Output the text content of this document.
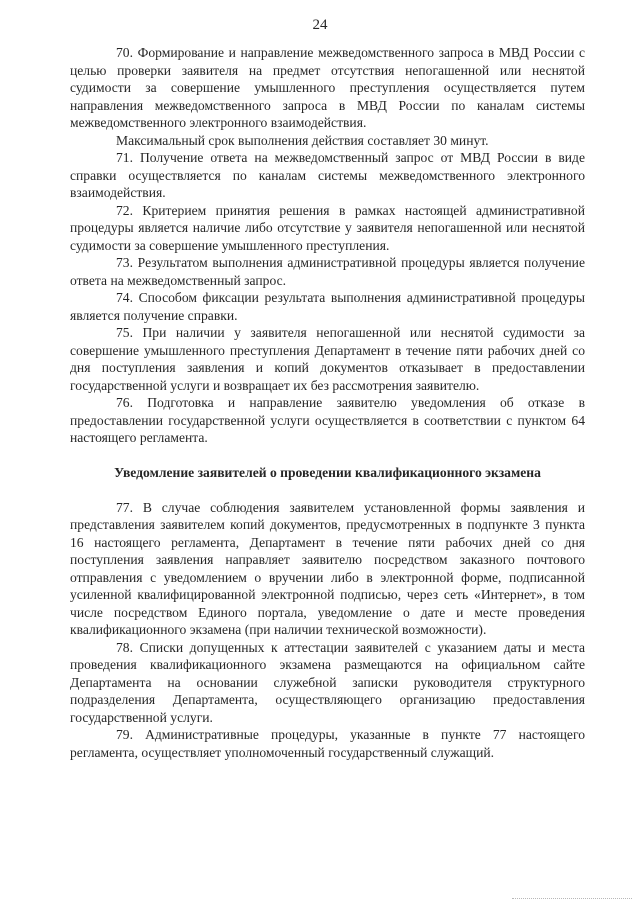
24

70. Формирование и направление межведомственного запроса в МВД России с целью проверки заявителя на предмет отсутствия непогашенной или неснятой судимости за совершение умышленного преступления осуществляется путем направления межведомственного запроса в МВД России по каналам системы межведомственного электронного взаимодействия.

Максимальный срок выполнения действия составляет 30 минут.

71. Получение ответа на межведомственный запрос от МВД России в виде справки осуществляется по каналам системы межведомственного электронного взаимодействия.

72. Критерием принятия решения в рамках настоящей административной процедуры является наличие либо отсутствие у заявителя непогашенной или неснятой судимости за совершение умышленного преступления.

73. Результатом выполнения административной процедуры является получение ответа на межведомственный запрос.

74. Способом фиксации результата выполнения административной процедуры является получение справки.

75. При наличии у заявителя непогашенной или неснятой судимости за совершение умышленного преступления Департамент в течение пяти рабочих дней со дня поступления заявления и копий документов отказывает в предоставлении государственной услуги и возвращает их без рассмотрения заявителю.

76. Подготовка и направление заявителю уведомления об отказе в предоставлении государственной услуги осуществляется в соответствии с пунктом 64 настоящего регламента.

Уведомление заявителей о проведении квалификационного экзамена

77. В случае соблюдения заявителем установленной формы заявления и представления заявителем копий документов, предусмотренных в подпункте 3 пункта 16 настоящего регламента, Департамент в течение пяти рабочих дней со дня поступления заявления направляет заявителю посредством заказного почтового отправления с уведомлением о вручении либо в электронной форме, подписанной усиленной квалифицированной электронной подписью, через сеть «Интернет», в том числе посредством Единого портала, уведомление о дате и месте проведения квалификационного экзамена (при наличии технической возможности).

78. Списки допущенных к аттестации заявителей с указанием даты и места проведения квалификационного экзамена размещаются на официальном сайте Департамента на основании служебной записки руководителя структурного подразделения Департамента, осуществляющего организацию предоставления государственной услуги.

79. Административные процедуры, указанные в пункте 77 настоящего регламента, осуществляет уполномоченный государственный служащий.
